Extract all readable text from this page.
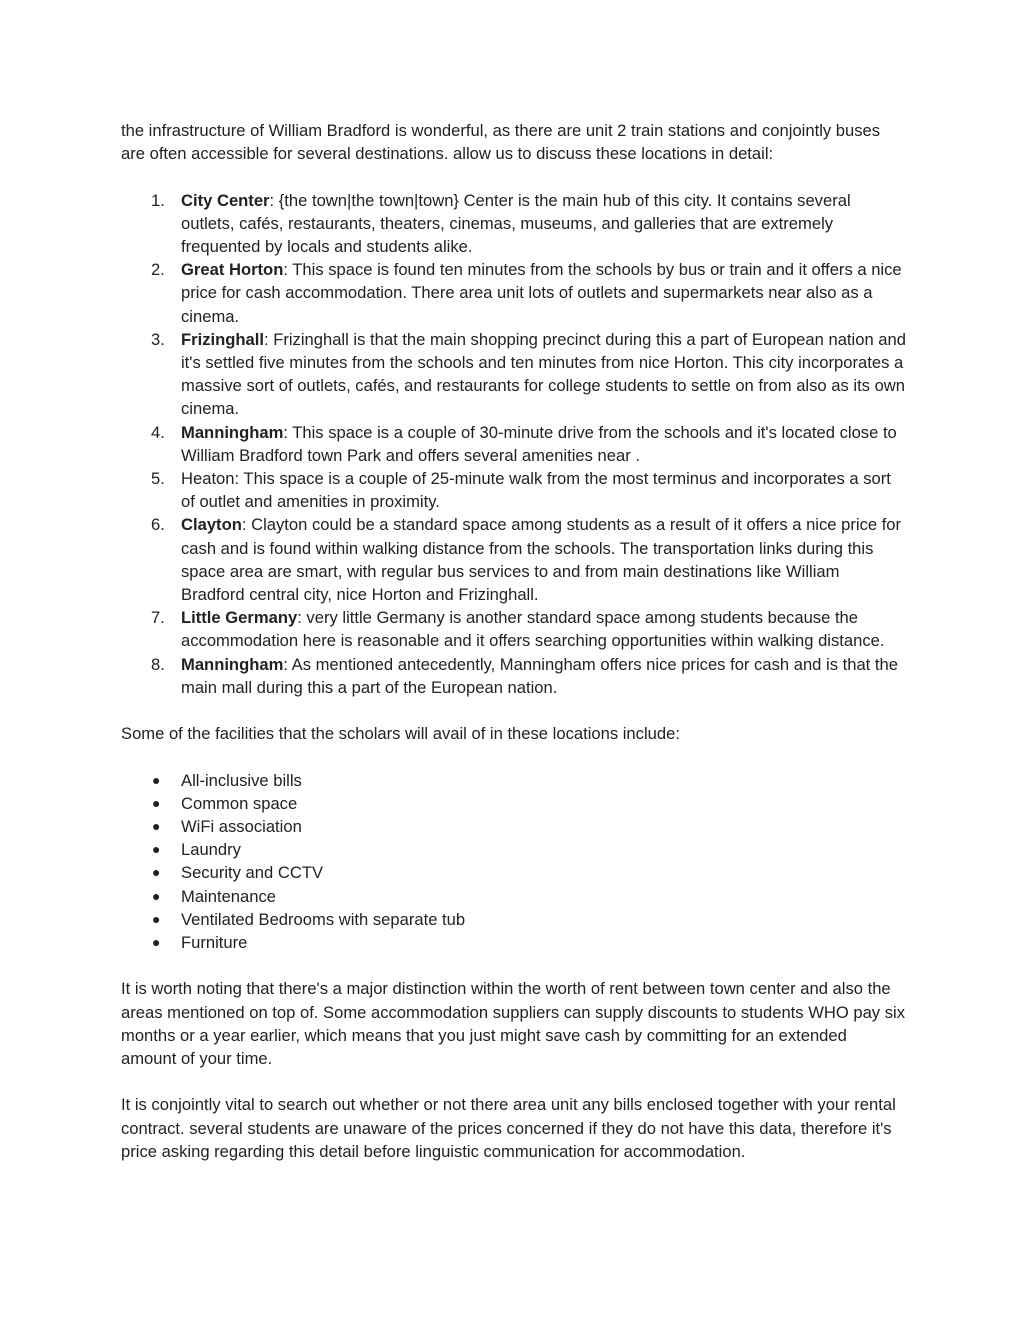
the infrastructure of William Bradford is wonderful, as there are unit 2 train stations and conjointly buses are often accessible for several destinations. allow us to discuss these locations in detail:

1. City Center: {the town|the town|town} Center is the main hub of this city. It contains several outlets, cafés, restaurants, theaters, cinemas, museums, and galleries that are extremely frequented by locals and students alike.
2. Great Horton: This space is found ten minutes from the schools by bus or train and it offers a nice price for cash accommodation. There area unit lots of outlets and supermarkets near also as a cinema.
3. Frizinghall: Frizinghall is that the main shopping precinct during this a part of European nation and it's settled five minutes from the schools and ten minutes from nice Horton. This city incorporates a massive sort of outlets, cafés, and restaurants for college students to settle on from also as its own cinema.
4. Manningham: This space is a couple of 30-minute drive from the schools and it's located close to William Bradford town Park and offers several amenities near .
5. Heaton: This space is a couple of 25-minute walk from the most terminus and incorporates a sort of outlet and amenities in proximity.
6. Clayton: Clayton could be a standard space among students as a result of it offers a nice price for cash and is found within walking distance from the schools. The transportation links during this space area are smart, with regular bus services to and from main destinations like William Bradford central city, nice Horton and Frizinghall.
7. Little Germany: very little Germany is another standard space among students because the accommodation here is reasonable and it offers searching opportunities within walking distance.
8. Manningham: As mentioned antecedently, Manningham offers nice prices for cash and is that the main mall during this a part of the European nation.

Some of the facilities that the scholars will avail of in these locations include:

● All-inclusive bills
● Common space
● WiFi association
● Laundry
● Security and CCTV
● Maintenance
● Ventilated Bedrooms with separate tub
● Furniture

It is worth noting that there's a major distinction within the worth of rent between town center and also the areas mentioned on top of. Some accommodation suppliers can supply discounts to students WHO pay six months or a year earlier, which means that you just might save cash by committing for an extended amount of your time.

It is conjointly vital to search out whether or not there area unit any bills enclosed together with your rental contract. several students are unaware of the prices concerned if they do not have this data, therefore it's price asking regarding this detail before linguistic communication for accommodation.
